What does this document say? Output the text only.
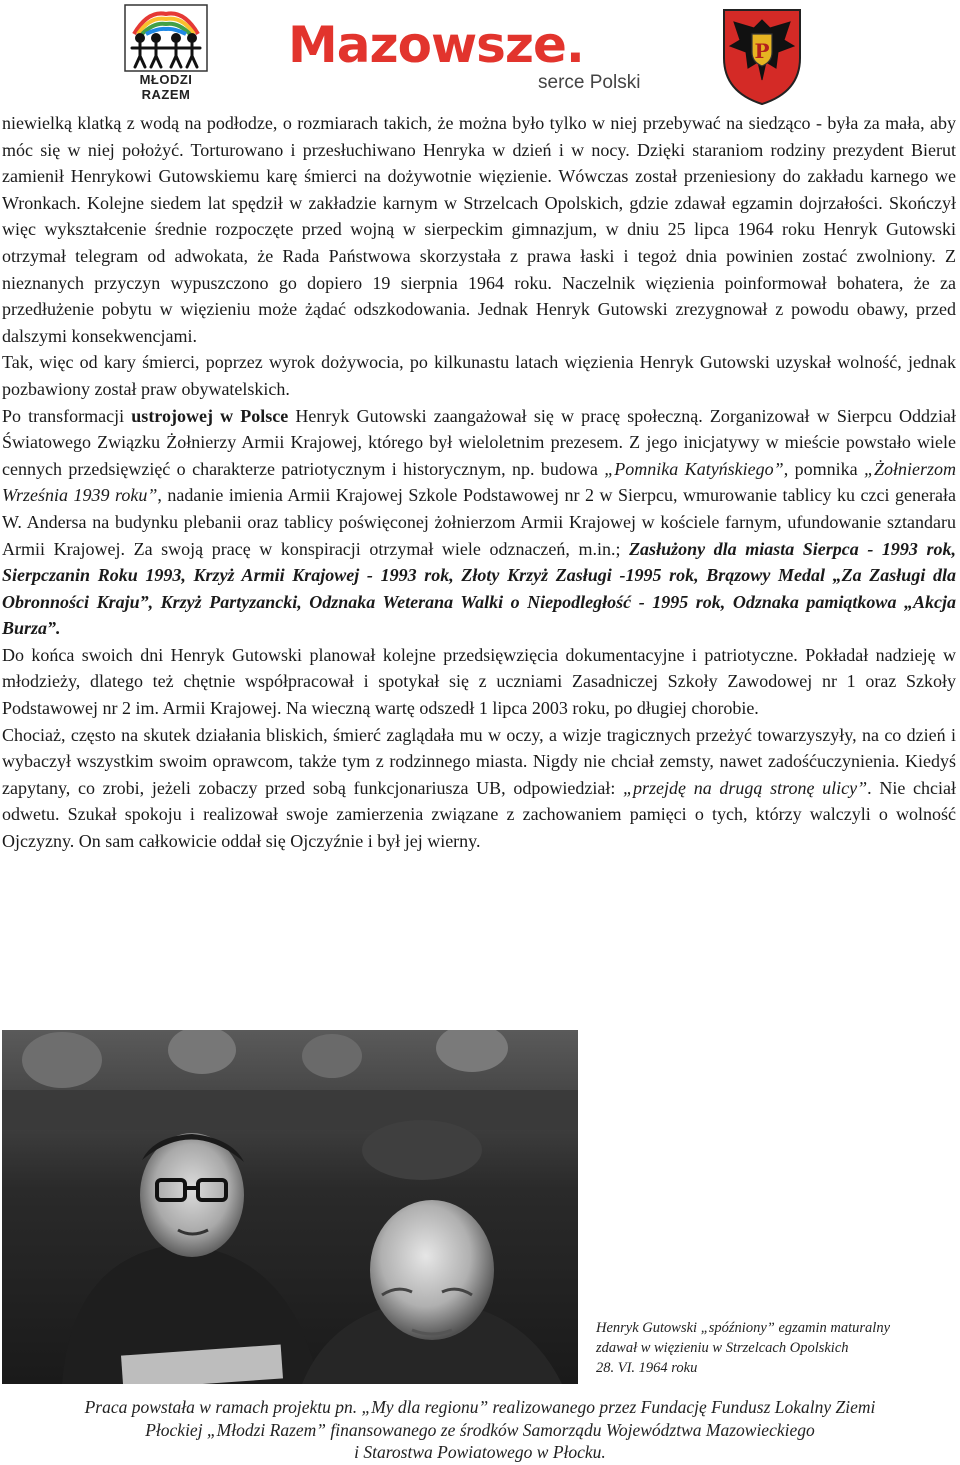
MŁODZI
RAZEM
Mazowsze.
serce Polski
P

niewielką klatką z wodą na podłodze, o rozmiarach takich, że można było tylko w niej przebywać na siedząco - była za mała, aby móc się w niej położyć. Torturowano i przesłuchiwano Henryka w dzień i w nocy. Dzięki staraniom rodziny prezydent Bierut zamienił Henrykowi Gutowskiemu karę śmierci na dożywotnie więzienie. Wówczas został przeniesiony do zakładu karnego we Wronkach. Kolejne siedem lat spędził w zakładzie karnym w Strzelcach Opolskich, gdzie zdawał egzamin dojrzałości. Skończył więc wykształcenie średnie rozpoczęte przed wojną w sierpeckim gimnazjum, w dniu 25 lipca 1964 roku Henryk Gutowski otrzymał telegram od adwokata, że Rada Państwowa skorzystała z prawa łaski i tegoż dnia powinien zostać zwolniony. Z nieznanych przyczyn wypuszczono go dopiero 19 sierpnia 1964 roku. Naczelnik więzienia poinformował bohatera, że za przedłużenie pobytu w więzieniu może żądać odszkodowania. Jednak Henryk Gutowski zrezygnował z powodu obawy, przed dalszymi konsekwencjami.

Tak, więc od kary śmierci, poprzez wyrok dożywocia, po kilkunastu latach więzienia Henryk Gutowski uzyskał wolność, jednak pozbawiony został praw obywatelskich.

Po transformacji ustrojowej w Polsce Henryk Gutowski zaangażował się w pracę społeczną. Zorganizował w Sierpcu Oddział Światowego Związku Żołnierzy Armii Krajowej, którego był wieloletnim prezesem. Z jego inicjatywy w mieście powstało wiele cennych przedsięwzięć o charakterze patriotycznym i historycznym, np. budowa „Pomnika Katyńskiego”, pomnika „Żołnierzom Września 1939 roku”, nadanie imienia Armii Krajowej Szkole Podstawowej nr 2 w Sierpcu, wmurowanie tablicy ku czci generała W. Andersa na budynku plebanii oraz tablicy poświęconej żołnierzom Armii Krajowej w kościele farnym, ufundowanie sztandaru Armii Krajowej. Za swoją pracę w konspiracji otrzymał wiele odznaczeń, m.in.; Zasłużony dla miasta Sierpca - 1993 rok, Sierpczanin Roku 1993, Krzyż Armii Krajowej - 1993 rok, Złoty Krzyż Zasługi -1995 rok, Brązowy Medal „Za Zasługi dla Obronności Kraju”, Krzyż Partyzancki, Odznaka Weterana Walki o Niepodległość - 1995 rok, Odznaka pamiątkowa „Akcja Burza”.

Do końca swoich dni Henryk Gutowski planował kolejne przedsięwzięcia dokumentacyjne i patriotyczne. Pokładał nadzieję w młodzieży, dlatego też chętnie współpracował i spotykał się z uczniami Zasadniczej Szkoły Zawodowej nr 1 oraz Szkoły Podstawowej nr 2 im. Armii Krajowej. Na wieczną wartę odszedł 1 lipca 2003 roku, po długiej chorobie.

Chociaż, często na skutek działania bliskich, śmierć zaglądała mu w oczy, a wizje tragicznych przeżyć towarzyszyły, na co dzień i wybaczył wszystkim swoim oprawcom, także tym z rodzinnego miasta. Nigdy nie chciał zemsty, nawet zadośćuczynienia. Kiedyś zapytany, co zrobi, jeżeli zobaczy przed sobą funkcjonariusza UB, odpowiedział: „przejdę na drugą stronę ulicy”. Nie chciał odwetu. Szukał spokoju i realizował swoje zamierzenia związane z zachowaniem pamięci o tych, którzy walczyli o wolność Ojczyzny. On sam całkowicie oddał się Ojczyźnie i był jej wierny.

Henryk Gutowski „spóźniony” egzamin maturalny
zdawał w więzieniu w Strzelcach Opolskich
28. VI. 1964 roku
Praca powstała w ramach projektu pn. „My dla regionu” realizowanego przez Fundację Fundusz Lokalny Ziemi
Płockiej „Młodzi Razem” finansowanego ze środków Samorządu Województwa Mazowieckiego
i Starostwa Powiatowego w Płocku.
